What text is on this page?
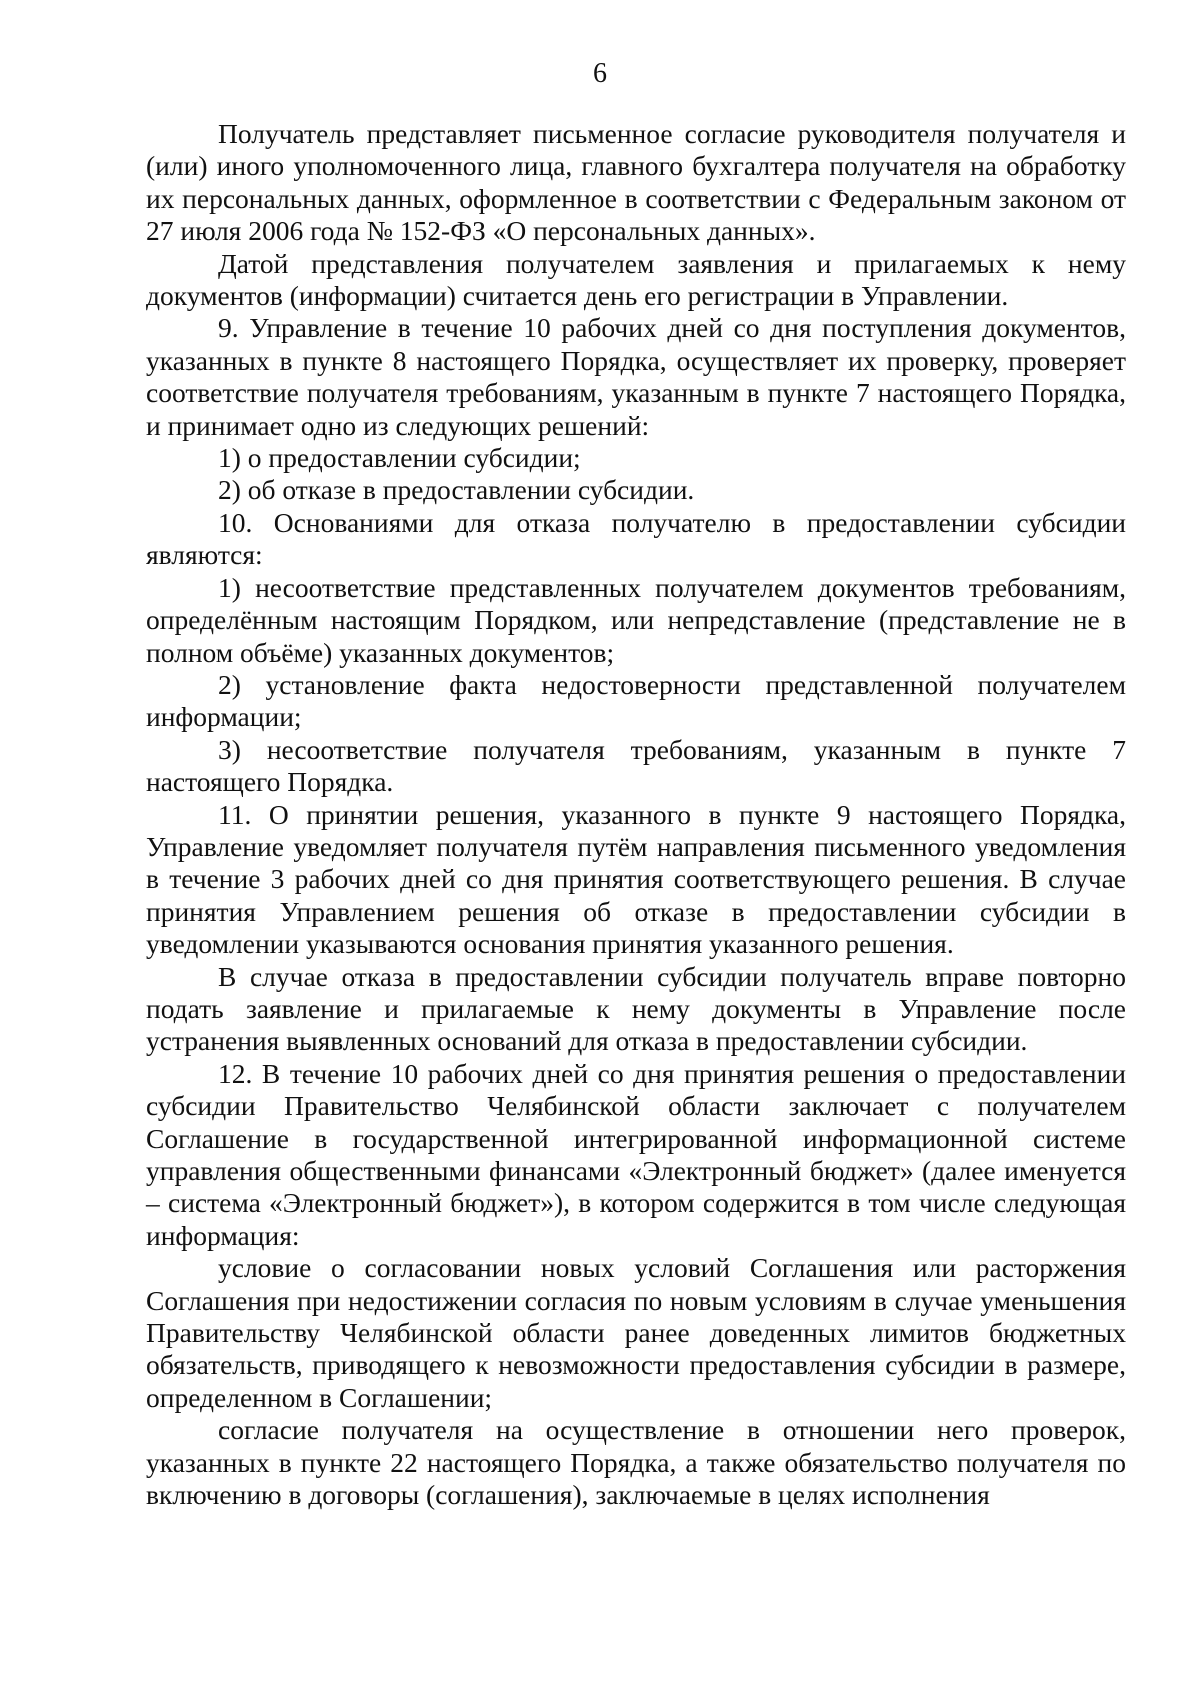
6

Получатель представляет письменное согласие руководителя получателя и (или) иного уполномоченного лица, главного бухгалтера получателя на обработку их персональных данных, оформленное в соответствии с Федеральным законом от 27 июля 2006 года № 152-ФЗ «О персональных данных».

Датой представления получателем заявления и прилагаемых к нему документов (информации) считается день его регистрации в Управлении.

9. Управление в течение 10 рабочих дней со дня поступления документов, указанных в пункте 8 настоящего Порядка, осуществляет их проверку, проверяет соответствие получателя требованиям, указанным в пункте 7 настоящего Порядка, и принимает одно из следующих решений:

1) о предоставлении субсидии;

2) об отказе в предоставлении субсидии.

10. Основаниями для отказа получателю в предоставлении субсидии являются:

1) несоответствие представленных получателем документов требованиям, определённым настоящим Порядком, или непредставление (представление не в полном объёме) указанных документов;

2) установление факта недостоверности представленной получателем информации;

3) несоответствие получателя требованиям, указанным в пункте 7 настоящего Порядка.

11. О принятии решения, указанного в пункте 9 настоящего Порядка, Управление уведомляет получателя путём направления письменного уведомления в течение 3 рабочих дней со дня принятия соответствующего решения. В случае принятия Управлением решения об отказе в предоставлении субсидии в уведомлении указываются основания принятия указанного решения.

В случае отказа в предоставлении субсидии получатель вправе повторно подать заявление и прилагаемые к нему документы в Управление после устранения выявленных оснований для отказа в предоставлении субсидии.

12. В течение 10 рабочих дней со дня принятия решения о предоставлении субсидии Правительство Челябинской области заключает с получателем Соглашение в государственной интегрированной информационной системе управления общественными финансами «Электронный бюджет» (далее именуется – система «Электронный бюджет»), в котором содержится в том числе следующая информация:

условие о согласовании новых условий Соглашения или расторжения Соглашения при недостижении согласия по новым условиям в случае уменьшения Правительству Челябинской области ранее доведенных лимитов бюджетных обязательств, приводящего к невозможности предоставления субсидии в размере, определенном в Соглашении;

согласие получателя на осуществление в отношении него проверок, указанных в пункте 22 настоящего Порядка, а также обязательство получателя по включению в договоры (соглашения), заключаемые в целях исполнения
